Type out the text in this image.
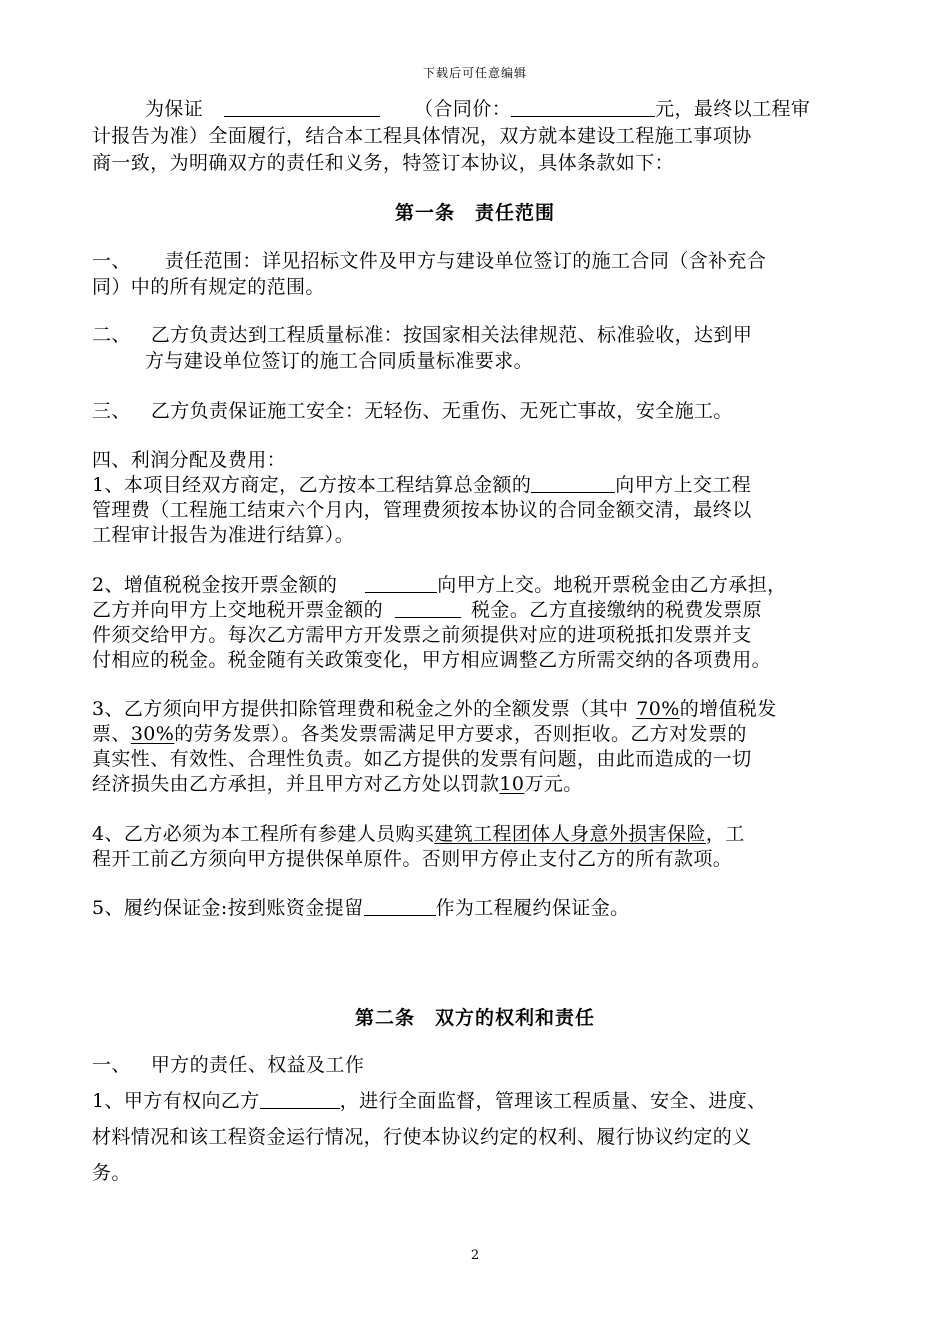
下载后可任意编辑
为保证	（合同价：	元，最终以工程审
计报告为准）全面履行，结合本工程具体情况，双方就本建设工程施工事项协
商一致，为明确双方的责任和义务，特签订本协议，具体条款如下：
第一条　责任范围
一、 责任范围：详见招标文件及甲方与建设单位签订的施工合同（含补充合
同）中的所有规定的范围。
二、 乙方负责达到工程质量标准：按国家相关法律规范、标准验收，达到甲
方与建设单位签订的施工合同质量标准要求。
三、 乙方负责保证施工安全：无轻伤、无重伤、无死亡事故，安全施工。
四、利润分配及费用：
1、本项目经双方商定，乙方按本工程结算总金额的	向甲方上交工程
管理费（工程施工结束六个月内，管理费须按本协议的合同金额交清，最终以
工程审计报告为准进行结算）。
2、增值税税金按开票金额的	向甲方上交。地税开票税金由乙方承担，
乙方并向甲方上交地税开票金额的	税金。乙方直接缴纳的税费发票原
件须交给甲方。每次乙方需甲方开发票之前须提供对应的进项税抵扣发票并支
付相应的税金。税金随有关政策变化，甲方相应调整乙方所需交纳的各项费用。
3、乙方须向甲方提供扣除管理费和税金之外的全额发票（其中 70%的增值税发
票、30%的劳务发票）。各类发票需满足甲方要求，否则拒收。乙方对发票的
真实性、有效性、合理性负责。如乙方提供的发票有问题，由此而造成的一切
经济损失由乙方承担，并且甲方对乙方处以罚款10万元。
4、乙方必须为本工程所有参建人员购买建筑工程团体人身意外损害保险，工
程开工前乙方须向甲方提供保单原件。否则甲方停止支付乙方的所有款项。
5、履约保证金:按到账资金提留	作为工程履约保证金。
第二条　双方的权利和责任
一、 甲方的责任、权益及工作
1、甲方有权向乙方	，进行全面监督，管理该工程质量、安全、进度、
材料情况和该工程资金运行情况，行使本协议约定的权利、履行协议约定的义
务。
2
